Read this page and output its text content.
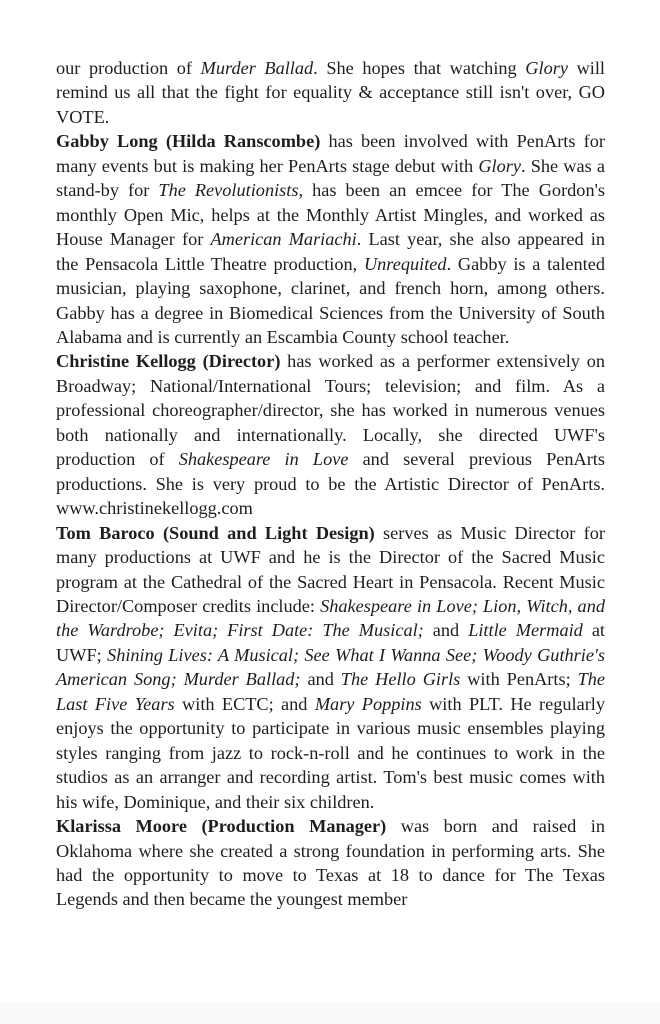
our production of Murder Ballad. She hopes that watching Glory will remind us all that the fight for equality & acceptance still isn't over, GO VOTE.

Gabby Long (Hilda Ranscombe) has been involved with PenArts for many events but is making her PenArts stage debut with Glory. She was a stand-by for The Revolutionists, has been an emcee for The Gordon's monthly Open Mic, helps at the Monthly Artist Mingles, and worked as House Manager for American Mariachi. Last year, she also appeared in the Pensacola Little Theatre production, Unrequited. Gabby is a talented musician, playing saxophone, clarinet, and french horn, among others. Gabby has a degree in Biomedical Sciences from the University of South Alabama and is currently an Escambia County school teacher.

Christine Kellogg (Director) has worked as a performer extensively on Broadway; National/International Tours; television; and film. As a professional choreographer/director, she has worked in numerous venues both nationally and internationally. Locally, she directed UWF's production of Shakespeare in Love and several previous PenArts productions. She is very proud to be the Artistic Director of PenArts. www.christinekellogg.com

Tom Baroco (Sound and Light Design) serves as Music Director for many productions at UWF and he is the Director of the Sacred Music program at the Cathedral of the Sacred Heart in Pensacola. Recent Music Director/Composer credits include: Shakespeare in Love; Lion, Witch, and the Wardrobe; Evita; First Date: The Musical; and Little Mermaid at UWF; Shining Lives: A Musical; See What I Wanna See; Woody Guthrie's American Song; Murder Ballad; and The Hello Girls with PenArts; The Last Five Years with ECTC; and Mary Poppins with PLT. He regularly enjoys the opportunity to participate in various music ensembles playing styles ranging from jazz to rock-n-roll and he continues to work in the studios as an arranger and recording artist. Tom's best music comes with his wife, Dominique, and their six children.

Klarissa Moore (Production Manager) was born and raised in Oklahoma where she created a strong foundation in performing arts. She had the opportunity to move to Texas at 18 to dance for The Texas Legends and then became the youngest member
